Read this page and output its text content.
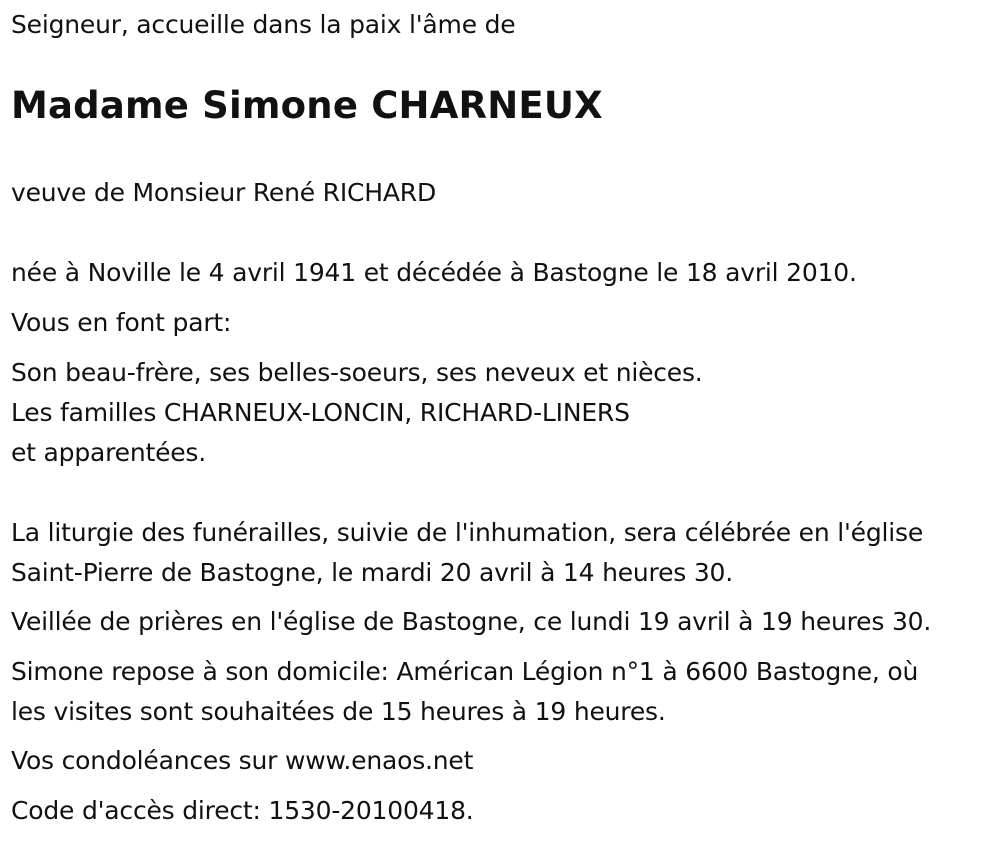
Seigneur, accueille dans la paix l'âme de
Madame Simone CHARNEUX
veuve de Monsieur René RICHARD
née à Noville le 4 avril 1941 et décédée à Bastogne le 18 avril 2010.
Vous en font part:
Son beau-frère, ses belles-soeurs, ses neveux et nièces.
Les familles CHARNEUX-LONCIN, RICHARD-LINERS
et apparentées.
La liturgie des funérailles, suivie de l'inhumation, sera célébrée en l'église
Saint-Pierre de Bastogne, le mardi 20 avril à 14 heures 30.
Veillée de prières en l'église de Bastogne, ce lundi 19 avril à 19 heures 30.
Simone repose à son domicile: Américan Légion n°1 à 6600 Bastogne, où
les visites sont souhaitées de 15 heures à 19 heures.
Vos condoléances sur www.enaos.net
Code d'accès direct: 1530-20100418.
